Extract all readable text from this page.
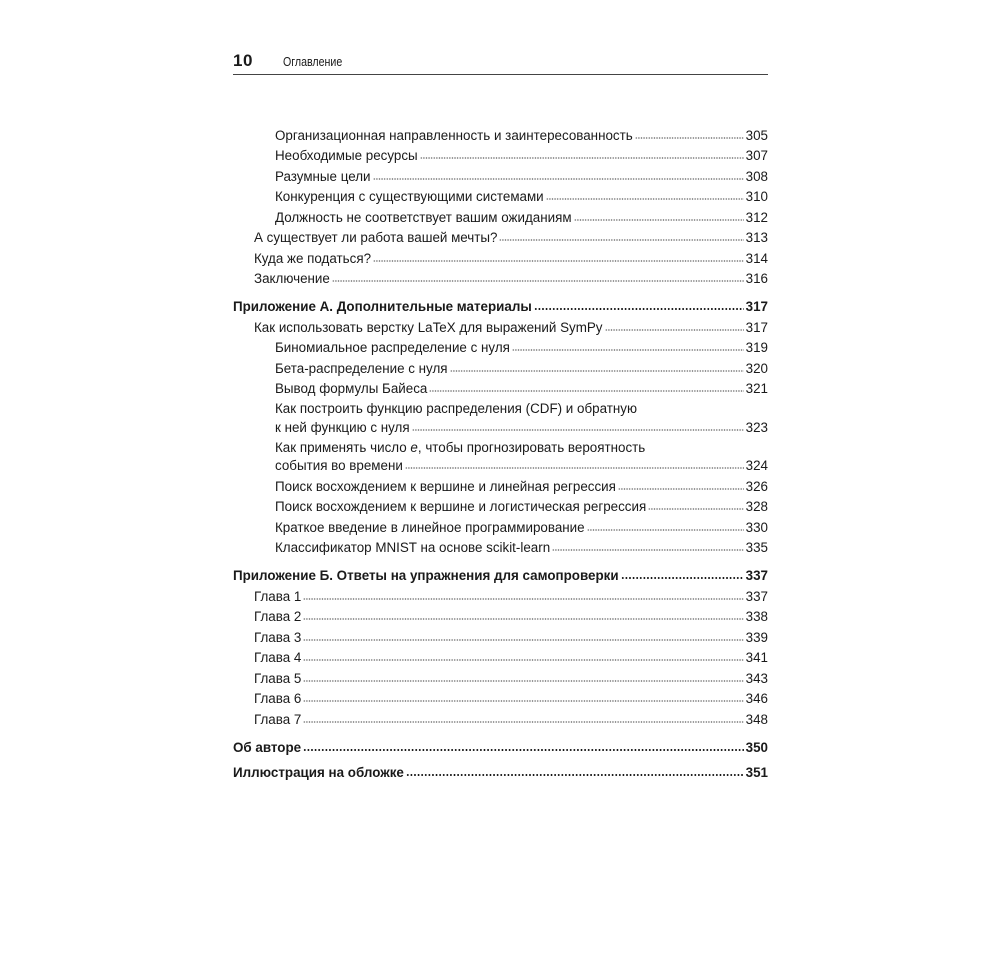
10 Оглавление
Организационная направленность и заинтересованность	305
Необходимые ресурсы	307
Разумные цели	308
Конкуренция с существующими системами	310
Должность не соответствует вашим ожиданиям	312
А существует ли работа вашей мечты?	313
Куда же податься?	314
Заключение	316
Приложение А. Дополнительные материалы	317
Как использовать верстку LaTeX для выражений SymPy	317
Биномиальное распределение с нуля	319
Бета-распределение с нуля	320
Вывод формулы Байеса	321
Как построить функцию распределения (CDF) и обратную
к ней функцию с нуля	323
Как применять число e , чтобы прогнозировать вероятность
события во времени	324
Поиск восхождением к вершине и линейная регрессия	326
Поиск восхождением к вершине и логистическая регрессия	328
Краткое введение в линейное программирование	330
Классификатор MNIST на основе scikit-learn	335
Приложение Б. Ответы на упражнения для самопроверки	337
Глава 1	337
Глава 2	338
Глава 3	339
Глава 4	341
Глава 5	343
Глава 6	346
Глава 7	348
Об авторе	350
Иллюстрация на обложке	351
